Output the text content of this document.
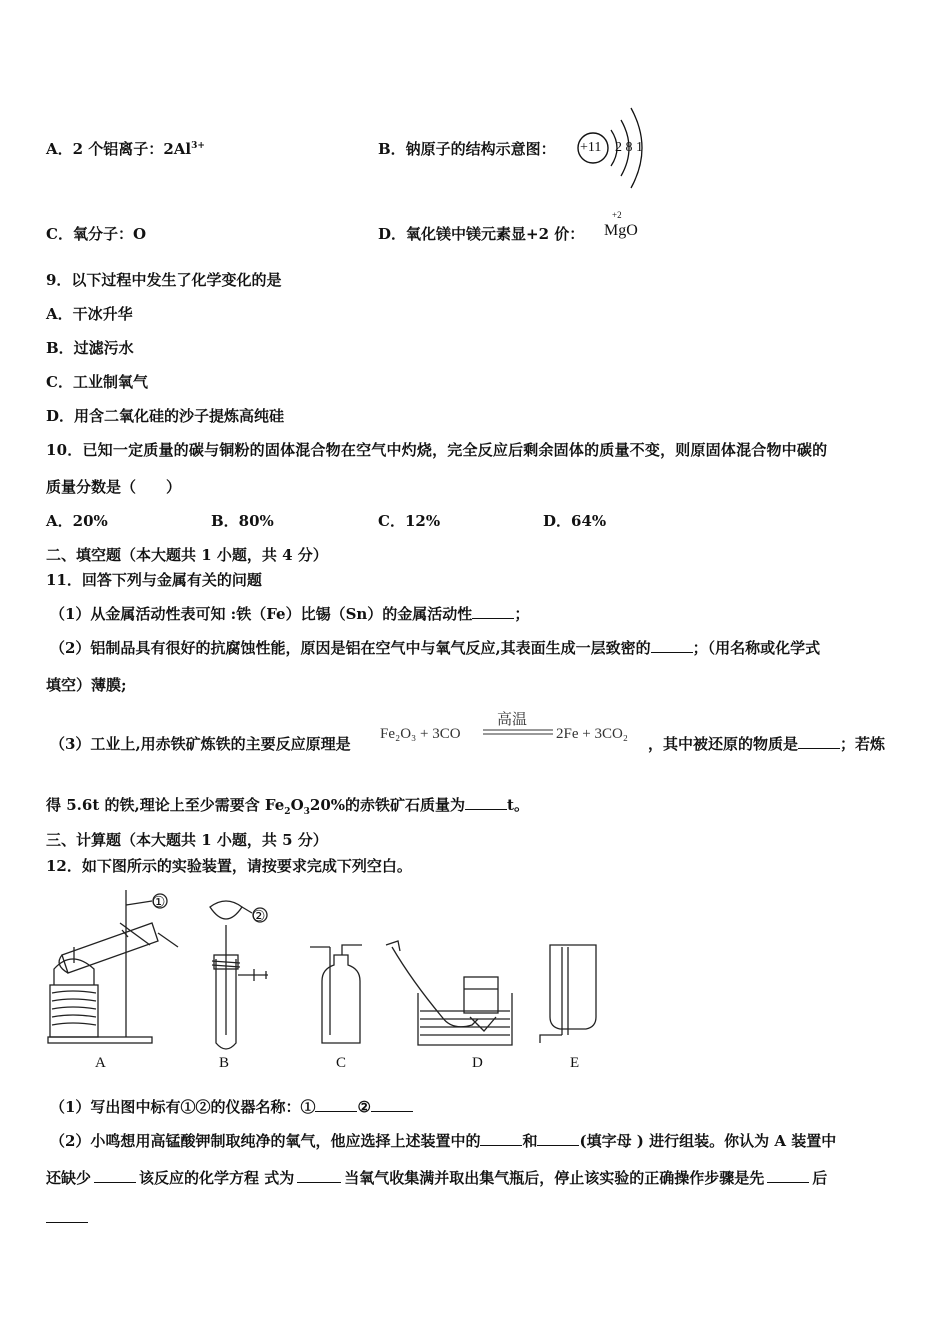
A．2 个铝离子：$2Al^{3+}$	B．钠原子的结构示意图： +11 2 8 1
C．氧分子：O	D．氧化镁中镁元素显+2 价：
+2
MgO
9．以下过程中发生了化学变化的是
A．干冰升华
B．过滤污水
C．工业制氧气
D．用含二氧化硅的沙子提炼高纯硅
10．已知一定质量的碳与铜粉的固体混合物在空气中灼烧，完全反应后剩余固体的质量不变，则原固体混合物中碳的
质量分数是（　　）
A．20%	B．80%	C．12%	D．64%
二、填空题（本大题共 1 小题，共 4 分）
11．回答下列与金属有关的问题
（1）从金属活动性表可知 :铁（Fe）比锡（Sn）的金属活动性	；
（2）铝制品具有很好的抗腐蚀性能，原因是铝在空气中与氧气反应,其表面生成一层致密的	；（用名称或化学式
填空）薄膜;
（3）工业上,用赤铁矿炼铁的主要反应原理是
Fe₂O₃ + 3CO
高温
2Fe + 3CO₂
，其中被还原的物质是	；若炼
得 5.6t 的铁,理论上至少需要含 $Fe_2O_320\%$的赤铁矿石质量为	t。
三、计算题（本大题共 1 小题，共 5 分）
12．如下图所示的实验装置，请按要求完成下列空白。
①
②
A	B	C	D	E
（1）写出图中标有①②的仪器名称：①	②
（2）小鸣想用高锰酸钾制取纯净的氧气，他应选择上述装置中的	和	(填字母 ) 进行组装。你认为 A 装置中
还缺少	该反应的化学方程 式为	当氧气收集满并取出集气瓶后，停止该实验的正确操作步骤是先	后
